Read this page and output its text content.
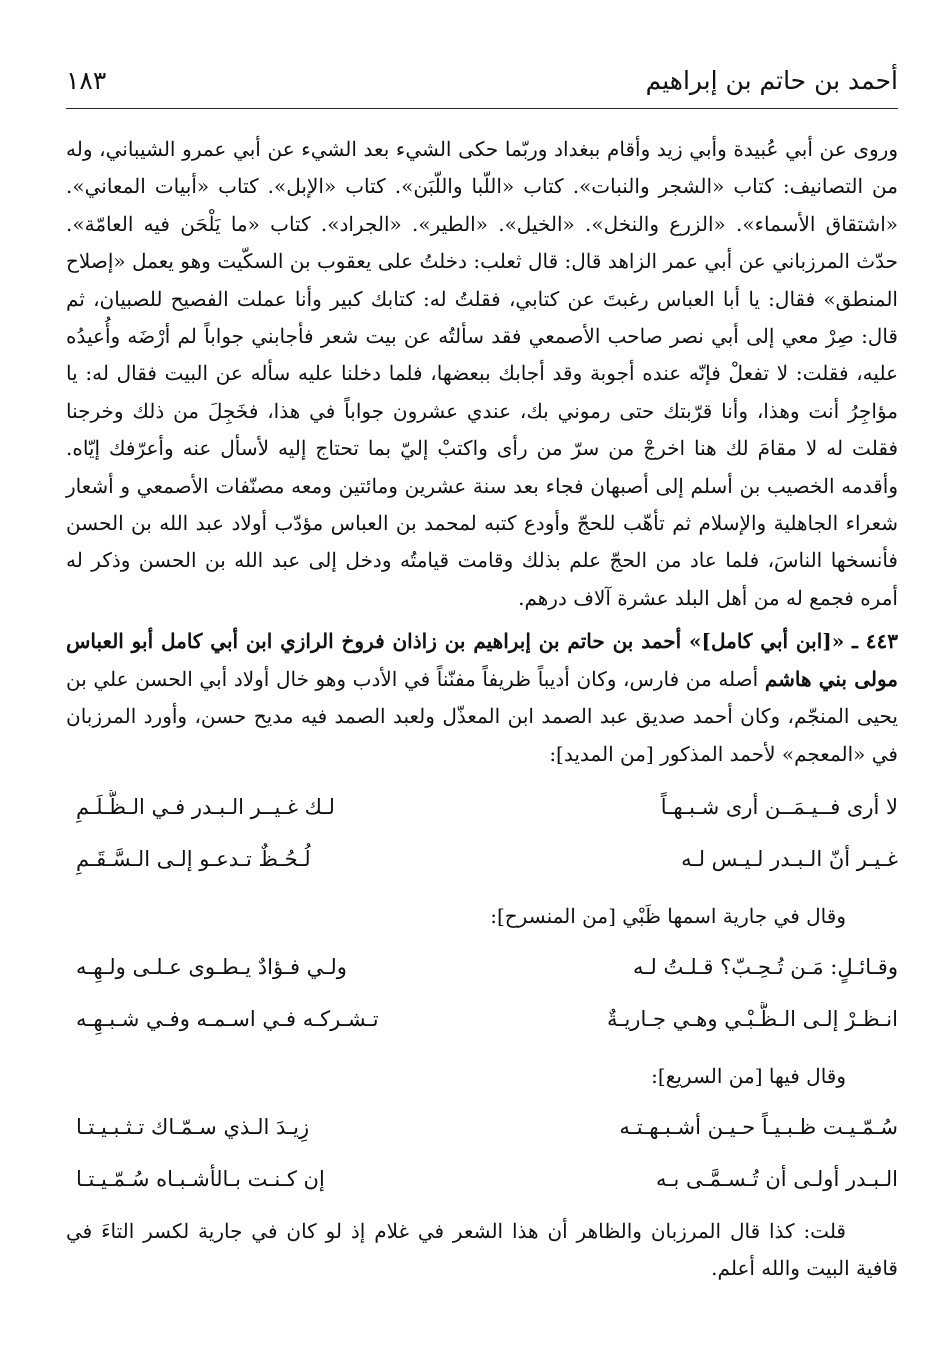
أحمد بن حاتم بن إبراهيم
١٨٣

وروى عن أبي عُبيدة وأبي زيد وأقام ببغداد وربّما حكى الشيء بعد الشيء عن أبي عمرو الشيباني، وله من التصانيف: كتاب «الشجر والنبات». كتاب «اللّبا واللّبَن». كتاب «الإبل». كتاب «أبيات المعاني». «اشتقاق الأسماء». «الزرع والنخل». «الخيل». «الطير». «الجراد». كتاب «ما يَلْحَن فيه العامّة». حدّث المرزباني عن أبي عمر الزاهد قال: قال ثعلب: دخلتُ على يعقوب بن السكّيت وهو يعمل «إصلاح المنطق» فقال: يا أبا العباس رغبتَ عن كتابي، فقلتُ له: كتابك كبير وأنا عملت الفصيح للصبيان، ثم قال: صِرْ معي إلى أبي نصر صاحب الأصمعي فقد سألتُه عن بيت شعر فأجابني جواباً لم أرْضَه وأُعيدُه عليه، فقلت: لا تفعلْ فإنّه عنده أجوبة وقد أجابك ببعضها، فلما دخلنا عليه سأله عن البيت فقال له: يا مؤاجِرُ أنت وهذا، وأنا قرّبتك حتى رموني بك، عندي عشرون جواباً في هذا، فخَجِلَ من ذلك وخرجنا فقلت له لا مقامَ لك هنا اخرجْ من سرّ من رأى واكتبْ إليّ بما تحتاج إليه لأسأل عنه وأعرّفك إيّاه. وأقدمه الخصيب بن أسلم إلى أصبهان فجاء بعد سنة عشرين ومائتين ومعه مصنّفات الأصمعي و أشعار شعراء الجاهلية والإسلام ثم تأهّب للحجّ وأودع كتبه لمحمد بن العباس مؤدّب أولاد عبد الله بن الحسن فأنسخها الناسَ، فلما عاد من الحجّ علم بذلك وقامت قيامتُه ودخل إلى عبد الله بن الحسن وذكر له أمره فجمع له من أهل البلد عشرة آلاف درهم.

٤٤٣ ـ «[ابن أبي كامل]» أحمد بن حاتم بن إبراهيم بن زاذان فروخ الرازي ابن أبي كامل أبو العباس مولى بني هاشم أصله من فارس، وكان أديباً ظريفاً مفنّناً في الأدب وهو خال أولاد أبي الحسن علي بن يحيى المنجّم، وكان أحمد صديق عبد الصمد ابن المعذّل ولعبد الصمد فيه مديح حسن، وأورد المرزبان في «المعجم» لأحمد المذكور [من المديد]:

لا أرى فــيـمَــن أرى شـبـهـاً
لـك غـيــر الـبـدر فـي الـظُّـلَـمِ
غـيـر أنّ الـبـدر لـيـس لـه
لُـحُـظٌ تـدعـو إلـى الـسَّـقَـمِ
وقال في جارية اسمها ظَبْي [من المنسرح]:
وقـائـلٍ: مَـن تُـحِـبّ؟ قـلـتُ لـه
ولـي فـؤادٌ يـطـوى عـلـى ولـهِـه
انـظـرْ إلـى الـظَّـبْـي وهـي جـاريـةٌ
تـشـركـه فـي اسـمـه وفـي شـبـهِـه
وقال فيها [من السريع]:
سُـمّـيـت ظـبـيـاً حـيـن أشـبـهـتـه
زِيـدَ الـذي سـمّـاك تـثـبـيـتـا
الـبـدر أولـى أن تُـسـمَّـى بـه
إن كـنـت بـالأشـبـاه سُـمّـيـتـا

قلت: كذا قال المرزبان والظاهر أن هذا الشعر في غلام إذ لو كان في جارية لكسر التاءَ في قافية البيت والله أعلم.
